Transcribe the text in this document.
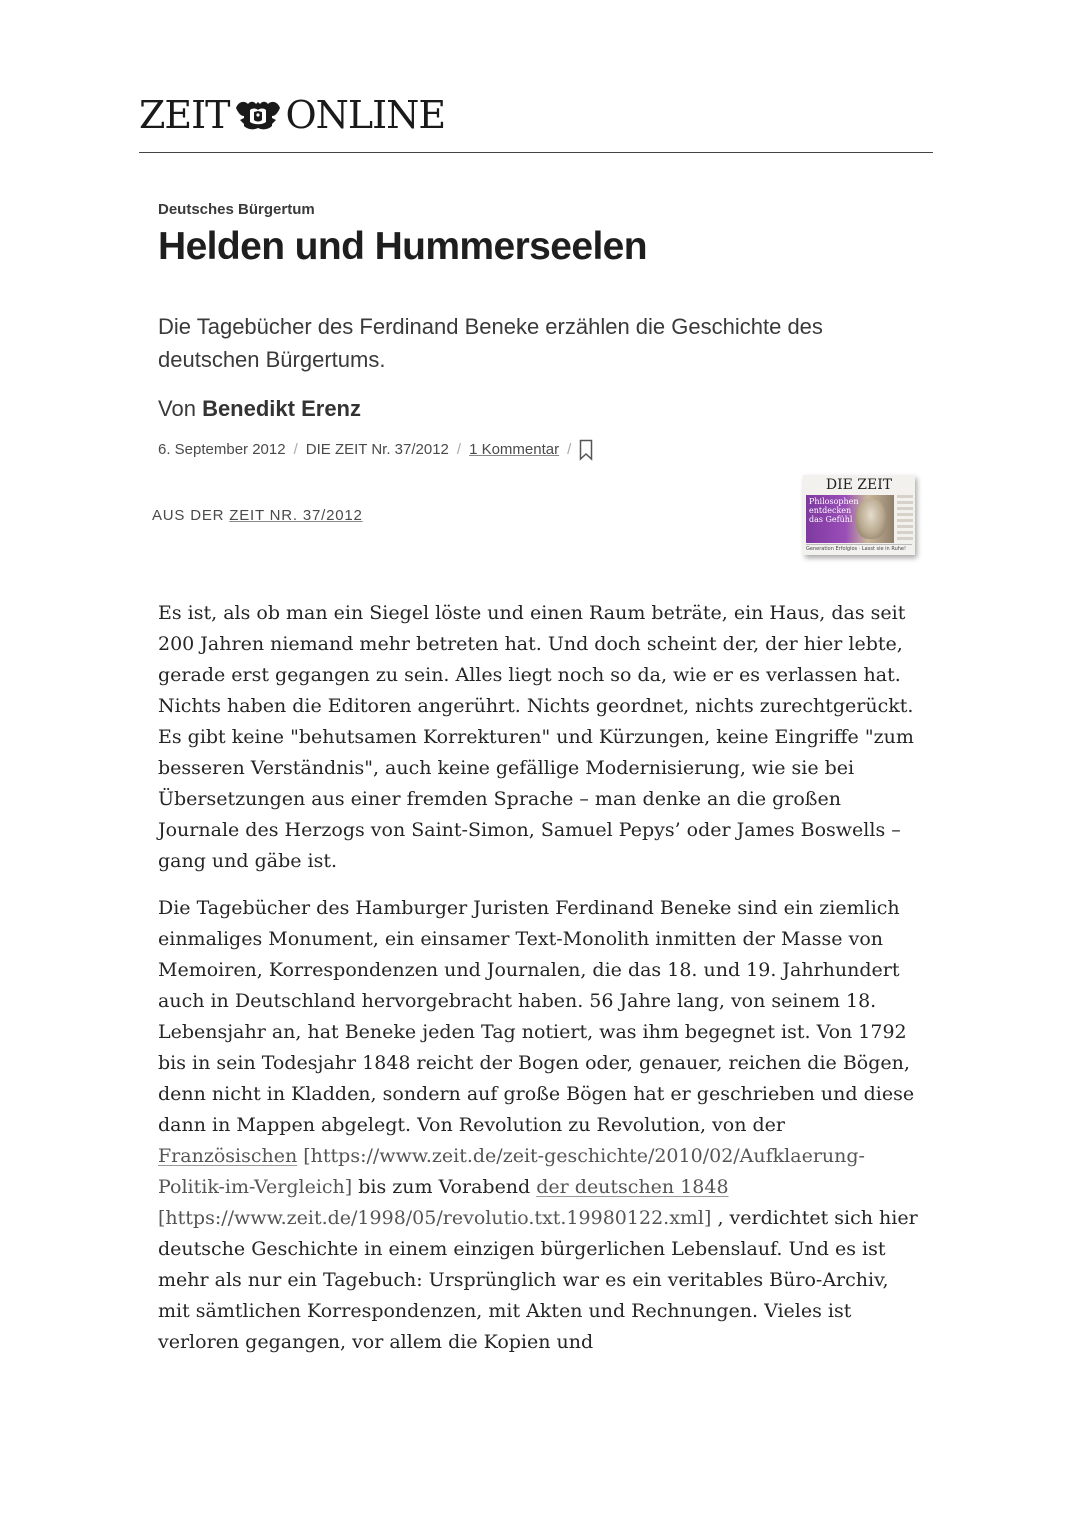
ZEIT ONLINE

Deutsches Bürgertum

Helden und Hummerseelen

Die Tagebücher des Ferdinand Beneke erzählen die Geschichte des deutschen Bürgertums.

Von Benedikt Erenz

6. September 2012 / DIE ZEIT Nr. 37/2012 / 1 Kommentar /
AUS DER ZEIT NR. 37/2012
DIE ZEIT
Philosophen entdecken das Gefühl
Generation Erfolglos · Lasst sie in Ruhe!

Es ist, als ob man ein Siegel löste und einen Raum beträte, ein Haus, das seit 200 Jahren niemand mehr betreten hat. Und doch scheint der, der hier lebte, gerade erst gegangen zu sein. Alles liegt noch so da, wie er es verlassen hat. Nichts haben die Editoren angerührt. Nichts geordnet, nichts zurechtgerückt. Es gibt keine "behutsamen Korrekturen" und Kürzungen, keine Eingriffe "zum besseren Verständnis", auch keine gefällige Modernisierung, wie sie bei Übersetzungen aus einer fremden Sprache – man denke an die großen Journale des Herzogs von Saint-Simon, Samuel Pepys’ oder James Boswells – gang und gäbe ist.

Die Tagebücher des Hamburger Juristen Ferdinand Beneke sind ein ziemlich einmaliges Monument, ein einsamer Text-Monolith inmitten der Masse von Memoiren, Korrespondenzen und Journalen, die das 18. und 19. Jahrhundert auch in Deutschland hervorgebracht haben. 56 Jahre lang, von seinem 18. Lebensjahr an, hat Beneke jeden Tag notiert, was ihm begegnet ist. Von 1792 bis in sein Todesjahr 1848 reicht der Bogen oder, genauer, reichen die Bögen, denn nicht in Kladden, sondern auf große Bögen hat er geschrieben und diese dann in Mappen abgelegt. Von Revolution zu Revolution, von der Französischen [https://www.zeit.de/zeit-geschichte/2010/02/Aufklaerung-Politik-im-Vergleich] bis zum Vorabend der deutschen 1848 [https://www.zeit.de/1998/05/revolutio.txt.19980122.xml] , verdichtet sich hier deutsche Geschichte in einem einzigen bürgerlichen Lebenslauf. Und es ist mehr als nur ein Tagebuch: Ursprünglich war es ein veritables Büro-Archiv, mit sämtlichen Korrespondenzen, mit Akten und Rechnungen. Vieles ist verloren gegangen, vor allem die Kopien und
